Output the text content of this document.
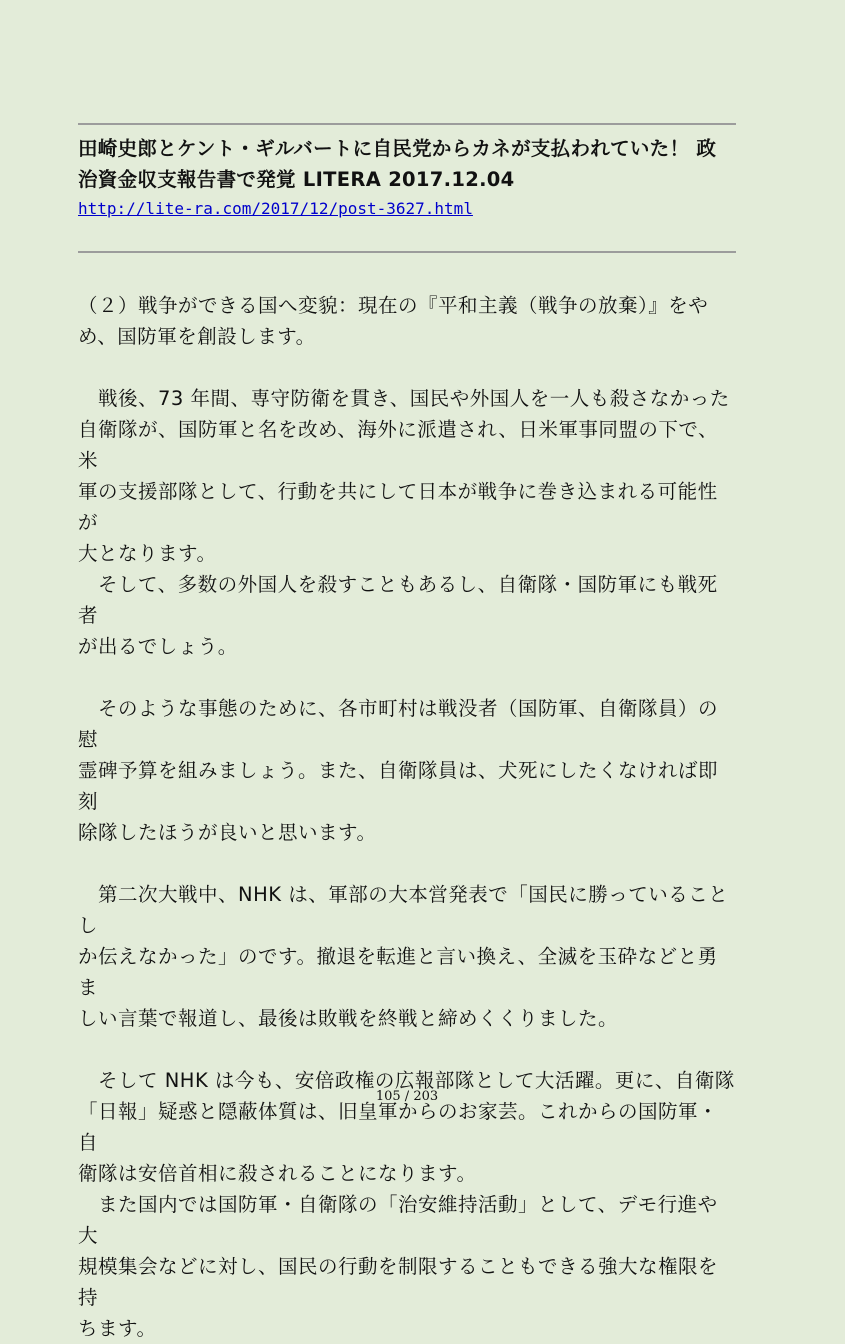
田崎史郎とケント・ギルバートに自民党からカネが支払われていた！ 政
治資金収支報告書で発覚 LITERA 2017.12.04

http://lite-ra.com/2017/12/post-3627.html

（２）戦争ができる国へ変貌：現在の『平和主義（戦争の放棄）』をや
め、国防軍を創設します。

　戦後、73 年間、専守防衛を貫き、国民や外国人を一人も殺さなかった
自衛隊が、国防軍と名を改め、海外に派遣され、日米軍事同盟の下で、米
軍の支援部隊として、行動を共にして日本が戦争に巻き込まれる可能性が
大となります。

　そして、多数の外国人を殺すこともあるし、自衛隊・国防軍にも戦死者
が出るでしょう。

　そのような事態のために、各市町村は戦没者（国防軍、自衛隊員）の慰
霊碑予算を組みましょう。また、自衛隊員は、犬死にしたくなければ即刻
除隊したほうが良いと思います。

　第二次大戦中、NHK は、軍部の大本営発表で「国民に勝っていることし
か伝えなかった」のです。撤退を転進と言い換え、全滅を玉砕などと勇ま
しい言葉で報道し、最後は敗戦を終戦と締めくくりました。

　そして NHK は今も、安倍政権の広報部隊として大活躍。更に、自衛隊
「日報」疑惑と隠蔽体質は、旧皇軍からのお家芸。これからの国防軍・自
衛隊は安倍首相に殺されることになります。

　また国内では国防軍・自衛隊の「治安維持活動」として、デモ行進や大
規模集会などに対し、国民の行動を制限することもできる強大な権限を持
ちます。

105 / 203
